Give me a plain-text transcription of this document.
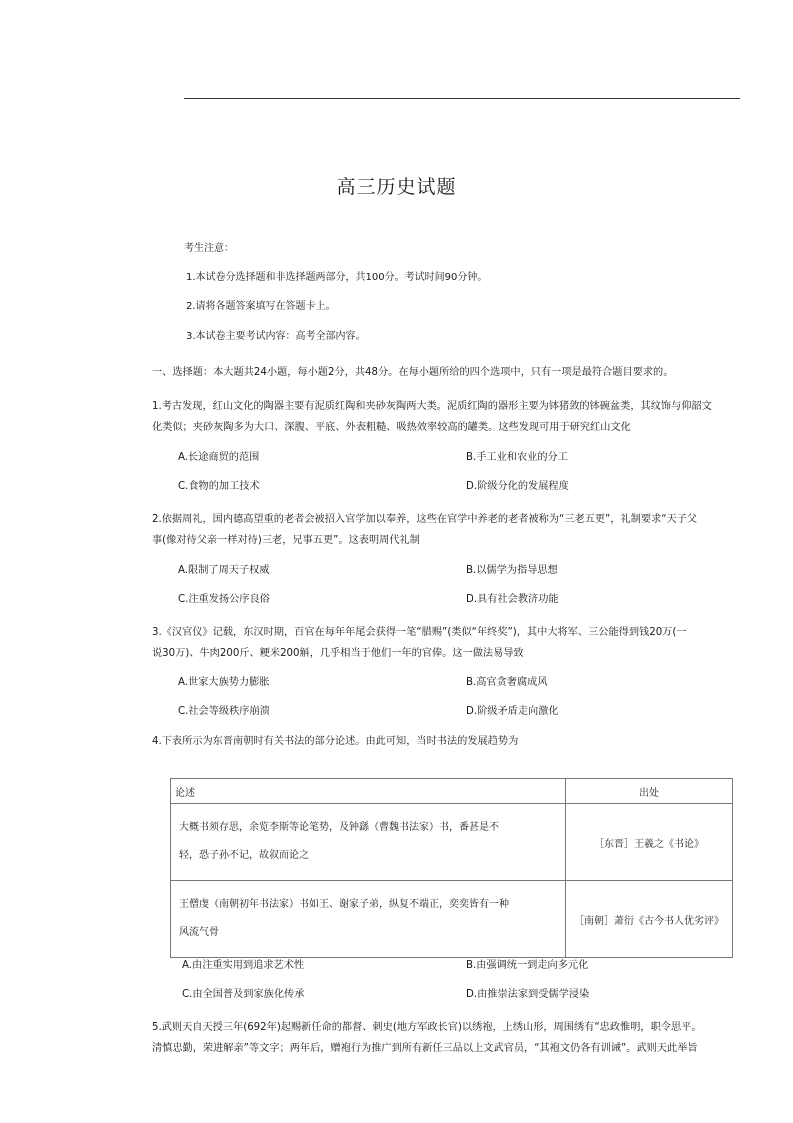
高三历史试题
考生注意：
1.本试卷分选择题和非选择题两部分，共100分。考试时间90分钟。
2.请将各题答案填写在答题卡上。
3.本试卷主要考试内容：高考全部内容。
一、选择题：本大题共24小题，每小题2分，共48分。在每小题所给的四个选项中，只有一项是最符合题目要求的。
1.考古发现，红山文化的陶器主要有泥质红陶和夹砂灰陶两大类。泥质红陶的器形主要为钵猪敛的钵碗盆类，其纹饰与仰韶文
化类似；夹砂灰陶多为大口、深腹、平底、外表粗糙、吸热效率较高的罐类。这些发现可用于研究红山文化
A.长途商贸的范围	B.手工业和农业的分工
C.食物的加工技术	D.阶级分化的发展程度
2.依据周礼，国内德高望重的老者会被招入官学加以奉养，这些在官学中养老的老者被称为“三老五更”，礼制要求“天子父
事(像对待父亲一样对待)三老，兄事五更”。这表明周代礼制
A.限制了周天子权威	B.以儒学为指导思想
C.注重发扬公序良俗	D.具有社会教济功能
3.《汉官仪》记载，东汉时期，百官在每年年尾会获得一笔“腊赐”(类似“年终奖”)，其中大将军、三公能得到钱20万(一
说30万)、牛肉200斤、粳米200斛，几乎相当于他们一年的官俸。这一做法易导致
A.世家大族势力膨胀	B.高官贪奢腐成风
C.社会等级秩序崩溃	D.阶级矛盾走向激化
4.下表所示为东晋南朝时有关书法的部分论述。由此可知，当时书法的发展趋势为
论述	出处

大概书须存思，余览李斯等论笔势，及钟繇（曹魏书法家）书，番甚是不
轻，恐子孙不记，故叙而论之	［东晋］王羲之《书论》

王僧虔（南朝初年书法家）书如王、谢家子弟，纵复不端正，奕奕皆有一种
风流气骨	［南朝］萧衍《古今书人优劣评》
A.由注重实用到追求艺术性	B.由强调统一到走向多元化
C.由全国普及到家族化传承	D.由推崇法家到受儒学浸染
5.武则天自天授三年(692年)起赐新任命的都督、刺史(地方军政长官)以绣袍，上绣山形，周围绣有“忠政惟明，职令思平。
清慎忠勤，荣进解亲”等文字；两年后，赠袍行为推广到所有新任三品以上文武官员，“其袍文仍各有训诫”。武则天此举旨
